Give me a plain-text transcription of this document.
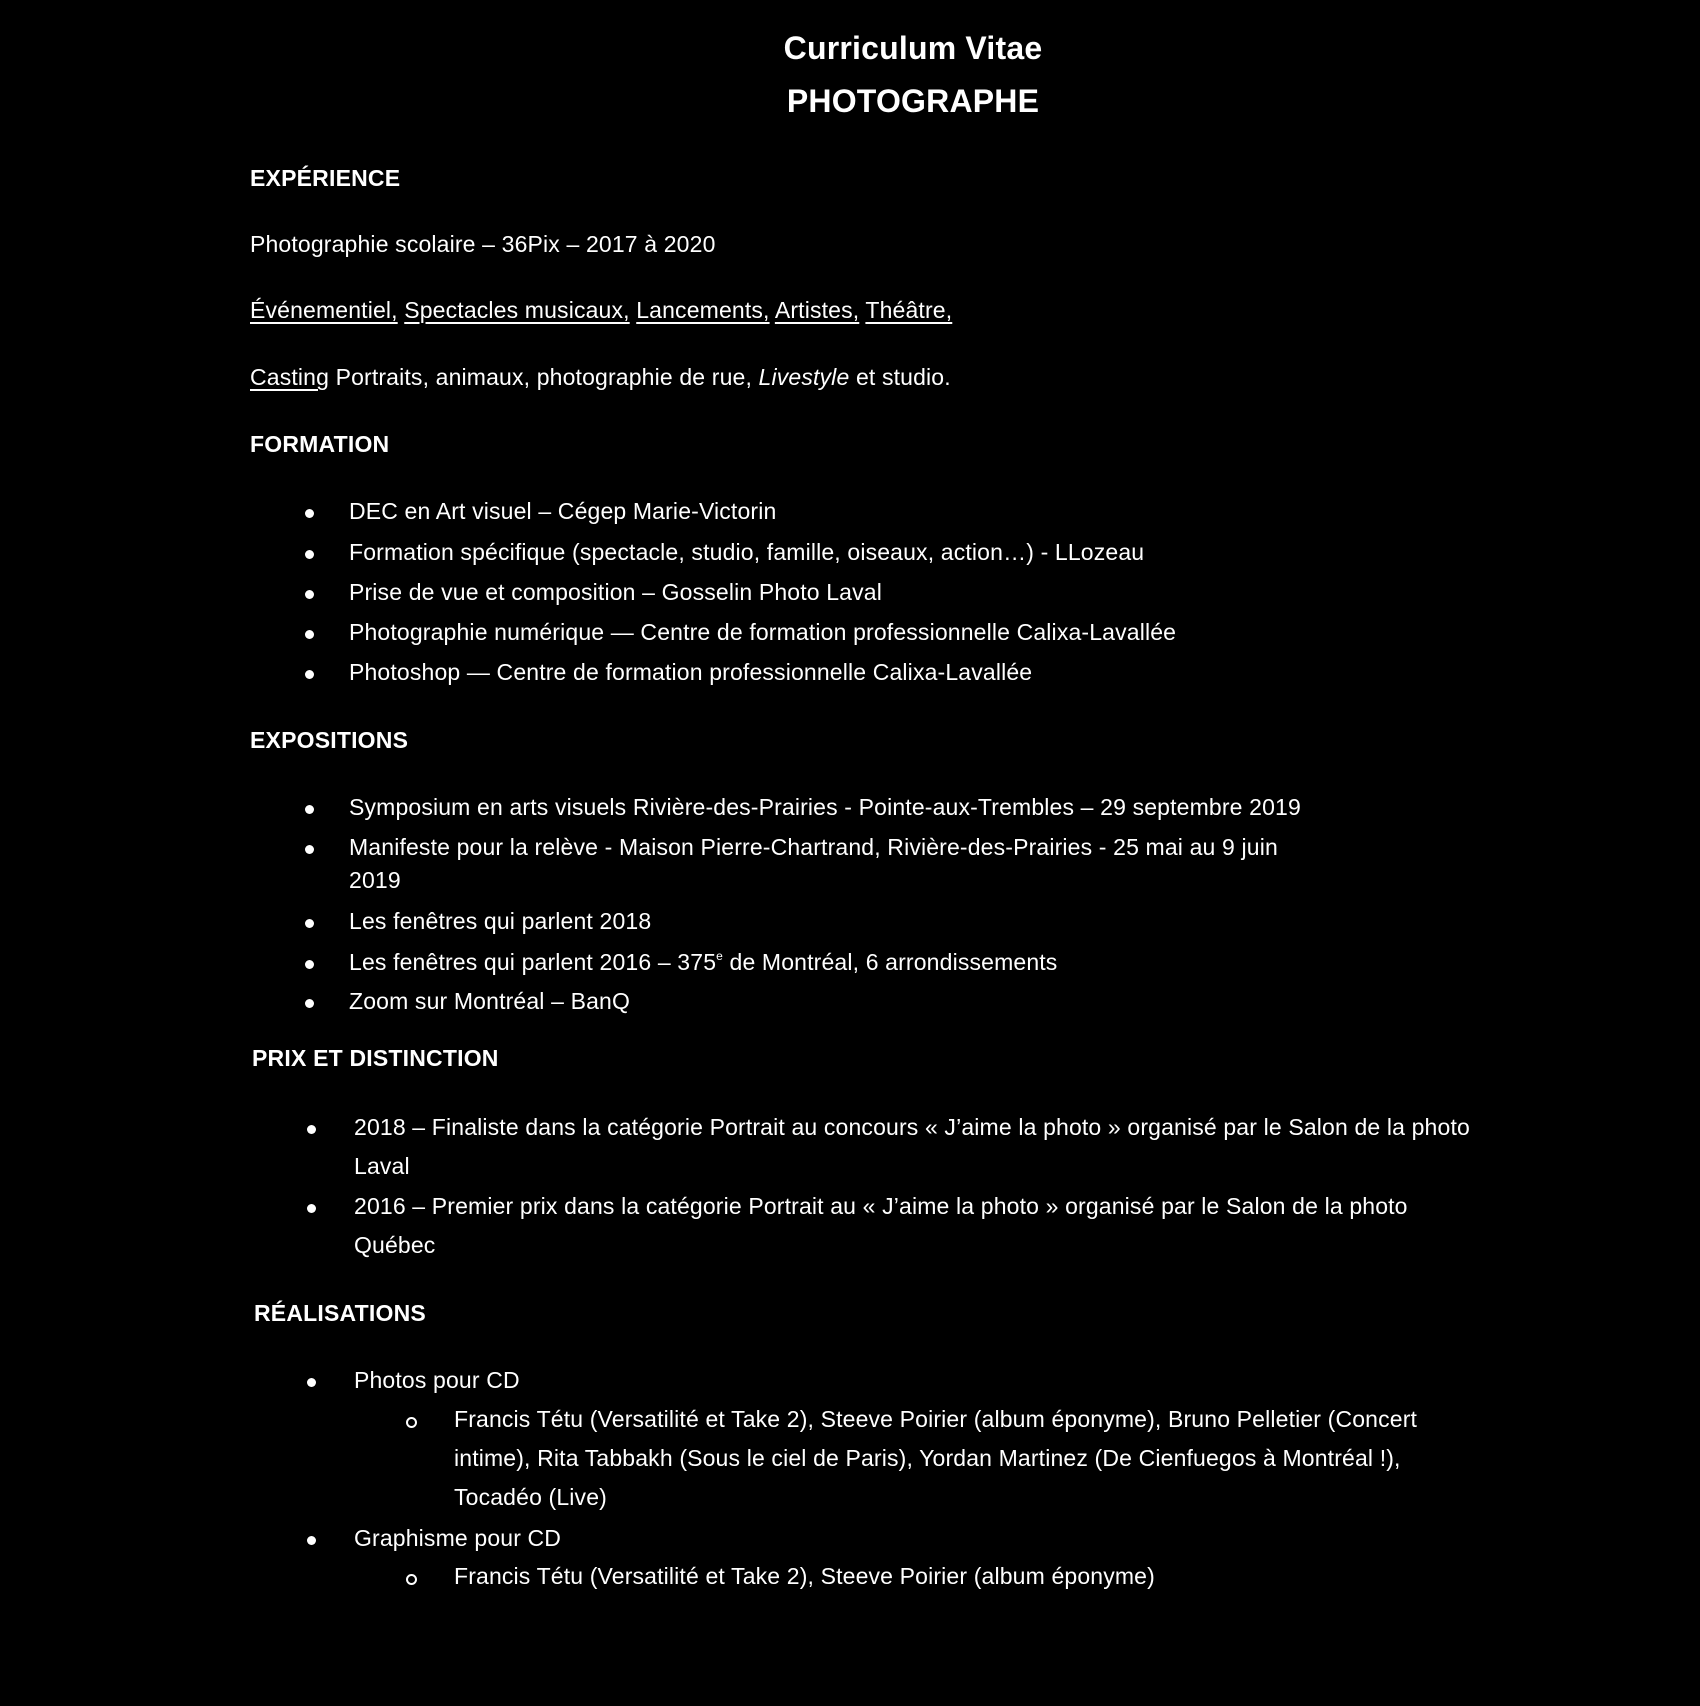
Curriculum Vitae
PHOTOGRAPHE
EXPÉRIENCE
Photographie scolaire – 36Pix – 2017 à 2020
Événementiel, Spectacles musicaux, Lancements, Artistes, Théâtre,
Casting Portraits, animaux, photographie de rue, Livestyle et studio.
FORMATION
DEC en Art visuel – Cégep Marie-Victorin
Formation spécifique (spectacle, studio, famille, oiseaux, action…) - LLozeau
Prise de vue et composition – Gosselin Photo Laval
Photographie numérique — Centre de formation professionnelle Calixa-Lavallée
Photoshop — Centre de formation professionnelle Calixa-Lavallée
EXPOSITIONS
Symposium en arts visuels Rivière-des-Prairies - Pointe-aux-Trembles – 29 septembre 2019
Manifeste pour la relève - Maison Pierre-Chartrand, Rivière-des-Prairies - 25 mai au 9 juin
2019
Les fenêtres qui parlent 2018
Les fenêtres qui parlent 2016 – 375e de Montréal, 6 arrondissements
Zoom sur Montréal – BanQ
PRIX ET DISTINCTION
2018 – Finaliste dans la catégorie Portrait au concours « J’aime la photo » organisé par le Salon de la photo
Laval
2016 – Premier prix dans la catégorie Portrait au « J’aime la photo » organisé par le Salon de la photo
Québec
RÉALISATIONS
Photos pour CD
Francis Tétu (Versatilité et Take 2), Steeve Poirier (album éponyme), Bruno Pelletier (Concert
intime), Rita Tabbakh (Sous le ciel de Paris), Yordan Martinez (De Cienfuegos à Montréal !),
Tocadéo (Live)
Graphisme pour CD
Francis Tétu (Versatilité et Take 2), Steeve Poirier (album éponyme)
